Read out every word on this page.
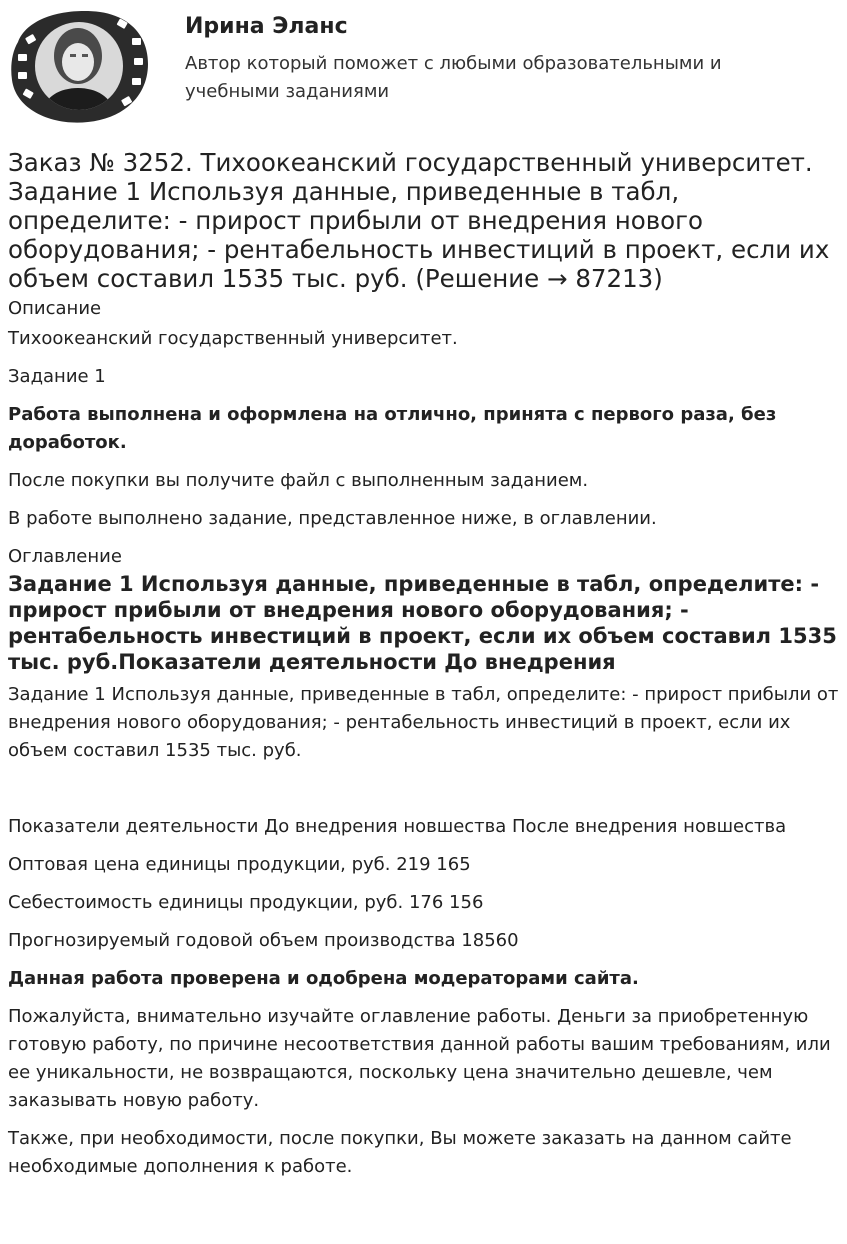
Ирина Эланс

Автор который поможет с любыми образовательными и учебными заданиями

Заказ № 3252. Тихоокеанский государственный университет. Задание 1 Используя данные, приведенные в табл, определите: - прирост прибыли от внедрения нового оборудования; - рентабельность инвестиций в проект, если их объем составил 1535 тыс. руб. (Решение → 87213)

Описание

Тихоокеанский государственный университет.

Задание 1

Работа выполнена и оформлена на отлично, принята с первого раза, без доработок.

После покупки вы получите файл с выполненным заданием.

В работе выполнено задание, представленное ниже, в оглавлении.

Оглавление

Задание 1 Используя данные, приведенные в табл, определите: - прирост прибыли от внедрения нового оборудования; - рентабельность инвестиций в проект, если их объем составил 1535 тыс. руб.Показатели деятельности До внедрения

Задание 1 Используя данные, приведенные в табл, определите: - прирост прибыли от внедрения нового оборудования; - рентабельность инвестиций в проект, если их объем составил 1535 тыс. руб.

Показатели деятельности До внедрения новшества После внедрения новшества

Оптовая цена единицы продукции, руб. 219 165

Себестоимость единицы продукции, руб. 176 156

Прогнозируемый годовой объем производства 18560

Данная работа проверена и одобрена модераторами сайта.

Пожалуйста, внимательно изучайте оглавление работы. Деньги за приобретенную готовую работу, по причине несоответствия данной работы вашим требованиям, или ее уникальности, не возвращаются, поскольку цена значительно дешевле, чем заказывать новую работу.

Также, при необходимости, после покупки, Вы можете заказать на данном сайте необходимые дополнения к работе.
